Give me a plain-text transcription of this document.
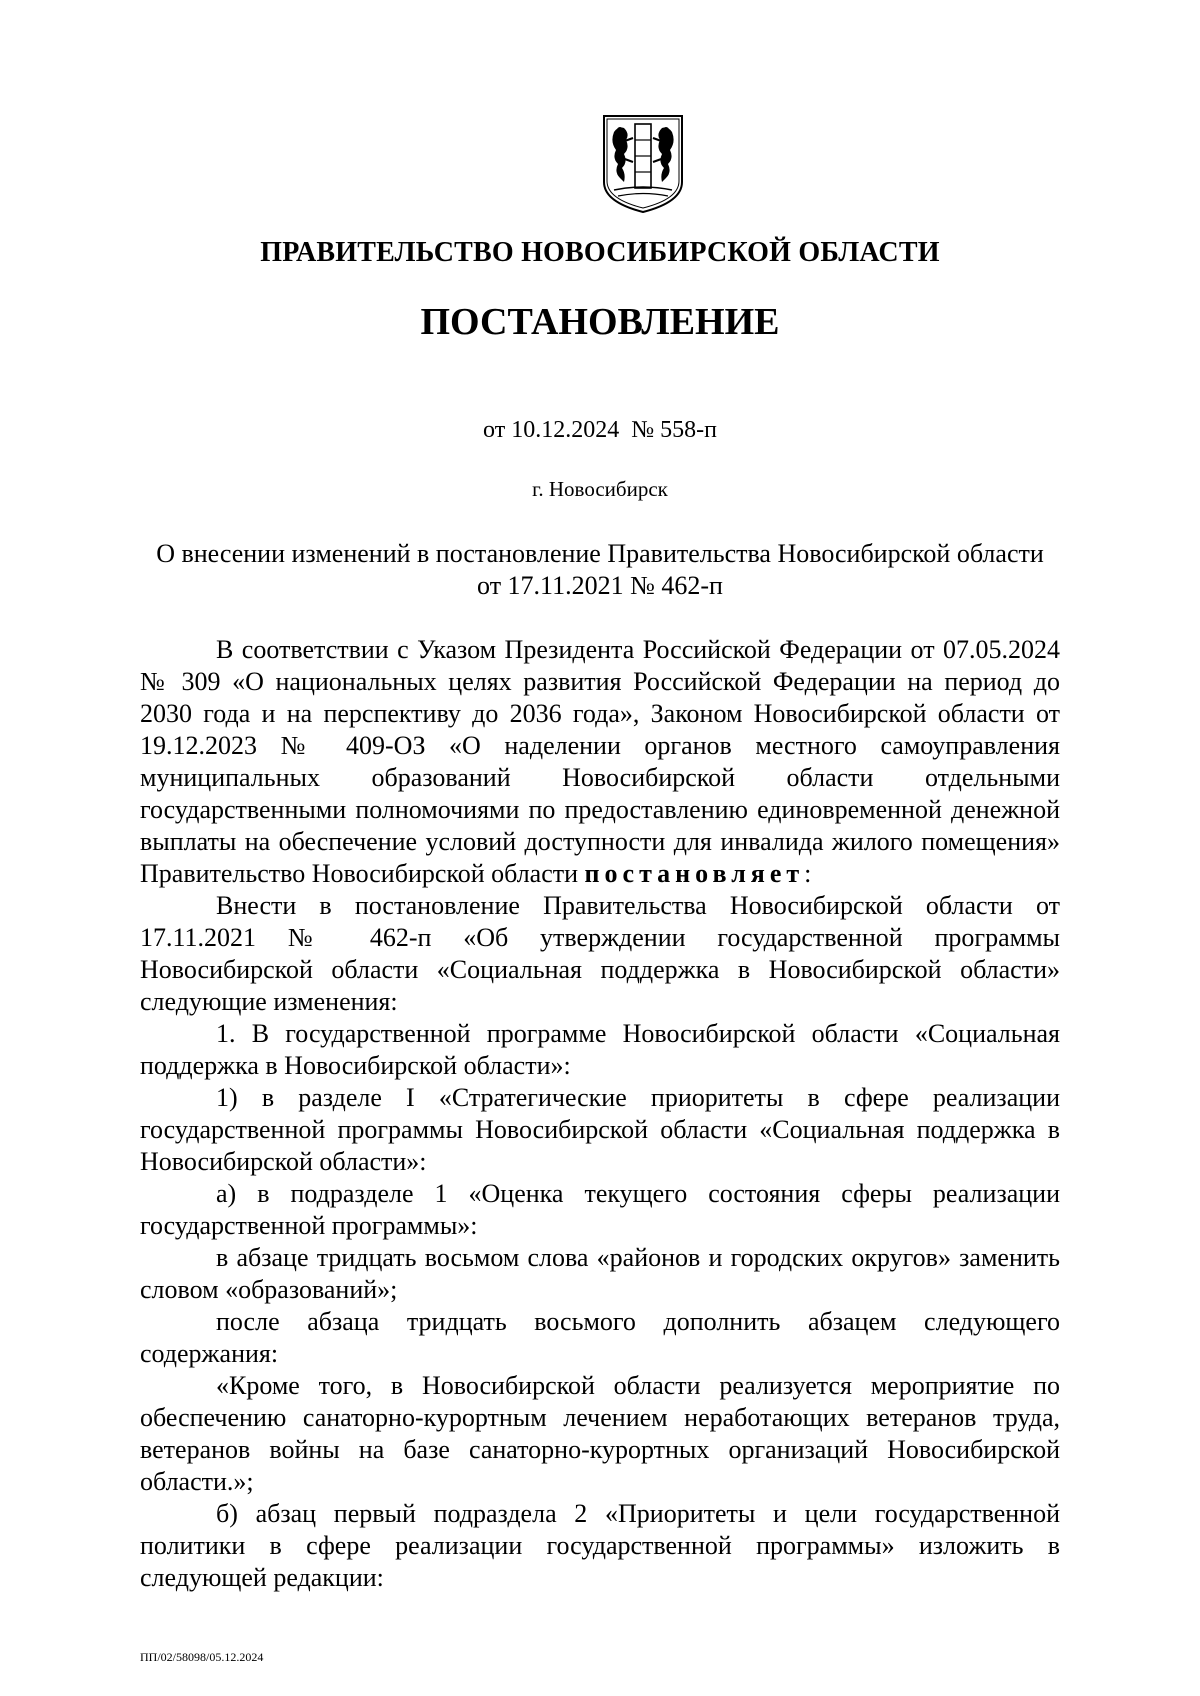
ПРАВИТЕЛЬСТВО НОВОСИБИРСКОЙ ОБЛАСТИ
ПОСТАНОВЛЕНИЕ
от 10.12.2024  № 558-п
г. Новосибирск
О внесении изменений в постановление Правительства Новосибирской области от 17.11.2021 № 462-п

В соответствии с Указом Президента Российской Федерации от 07.05.2024 № 309 «О национальных целях развития Российской Федерации на период до 2030 года и на перспективу до 2036 года», Законом Новосибирской области от 19.12.2023 № 409-ОЗ «О наделении органов местного самоуправления муниципальных образований Новосибирской области отдельными государственными полномочиями по предоставлению единовременной денежной выплаты на обеспечение условий доступности для инвалида жилого помещения» Правительство Новосибирской области постановляет:

Внести в постановление Правительства Новосибирской области от 17.11.2021 № 462-п «Об утверждении государственной программы Новосибирской области «Социальная поддержка в Новосибирской области» следующие изменения:

1. В государственной программе Новосибирской области «Социальная поддержка в Новосибирской области»:

1) в разделе I «Стратегические приоритеты в сфере реализации государственной программы Новосибирской области «Социальная поддержка в Новосибирской области»:

а) в подразделе 1 «Оценка текущего состояния сферы реализации государственной программы»:

в абзаце тридцать восьмом слова «районов и городских округов» заменить словом «образований»;

после абзаца тридцать восьмого дополнить абзацем следующего содержания:

«Кроме того, в Новосибирской области реализуется мероприятие по обеспечению санаторно-курортным лечением неработающих ветеранов труда, ветеранов войны на базе санаторно-курортных организаций Новосибирской области.»;

б) абзац первый подраздела 2 «Приоритеты и цели государственной политики в сфере реализации государственной программы» изложить в следующей редакции:

ПП/02/58098/05.12.2024
